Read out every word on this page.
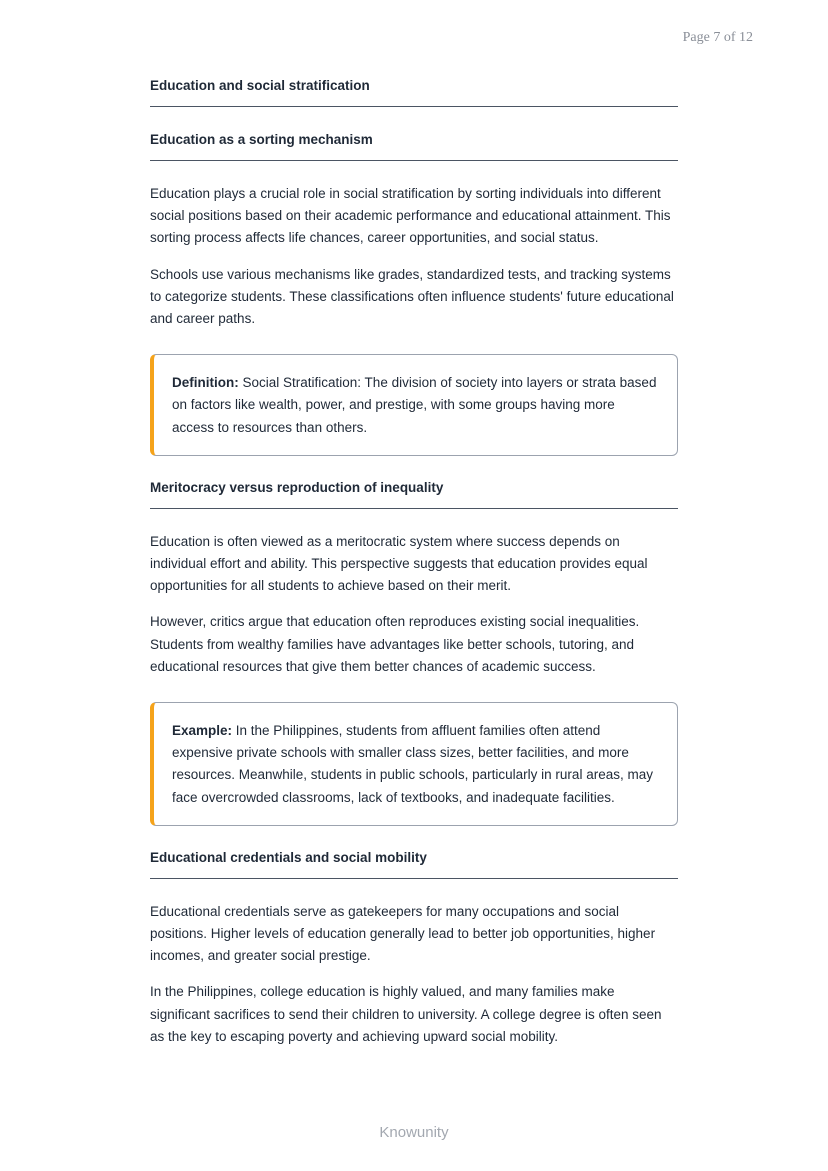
Page 7 of 12
Education and social stratification
Education as a sorting mechanism

Education plays a crucial role in social stratification by sorting individuals into different social positions based on their academic performance and educational attainment. This sorting process affects life chances, career opportunities, and social status.

Schools use various mechanisms like grades, standardized tests, and tracking systems to categorize students. These classifications often influence students' future educational and career paths.

Definition: Social Stratification: The division of society into layers or strata based on factors like wealth, power, and prestige, with some groups having more access to resources than others.
Meritocracy versus reproduction of inequality

Education is often viewed as a meritocratic system where success depends on individual effort and ability. This perspective suggests that education provides equal opportunities for all students to achieve based on their merit.

However, critics argue that education often reproduces existing social inequalities. Students from wealthy families have advantages like better schools, tutoring, and educational resources that give them better chances of academic success.

Example: In the Philippines, students from affluent families often attend expensive private schools with smaller class sizes, better facilities, and more resources. Meanwhile, students in public schools, particularly in rural areas, may face overcrowded classrooms, lack of textbooks, and inadequate facilities.
Educational credentials and social mobility

Educational credentials serve as gatekeepers for many occupations and social positions. Higher levels of education generally lead to better job opportunities, higher incomes, and greater social prestige.

In the Philippines, college education is highly valued, and many families make significant sacrifices to send their children to university. A college degree is often seen as the key to escaping poverty and achieving upward social mobility.

Knowunity
